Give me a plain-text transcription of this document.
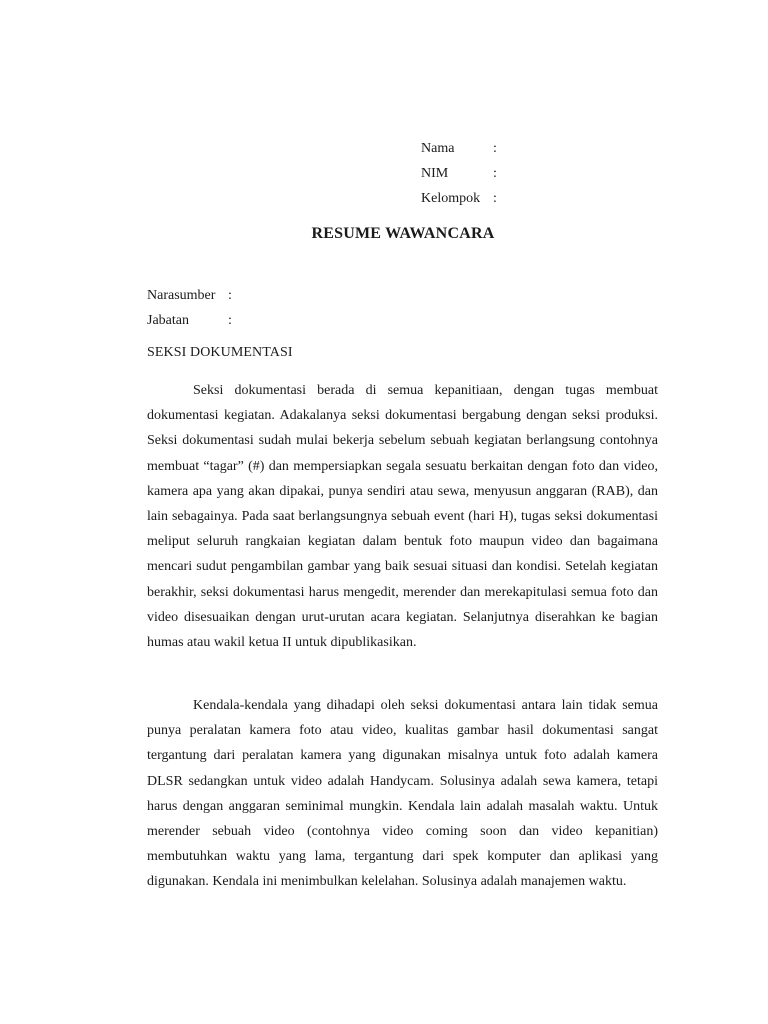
Nama	:
NIM	:
Kelompok :
RESUME WAWANCARA
Narasumber :
Jabatan	:
SEKSI DOKUMENTASI

Seksi dokumentasi berada di semua kepanitiaan, dengan tugas membuat dokumentasi kegiatan. Adakalanya seksi dokumentasi bergabung dengan seksi produksi. Seksi dokumentasi sudah mulai bekerja sebelum sebuah kegiatan berlangsung contohnya membuat “tagar” (#) dan mempersiapkan segala sesuatu berkaitan dengan foto dan video, kamera apa yang akan dipakai, punya sendiri atau sewa, menyusun anggaran (RAB), dan lain sebagainya. Pada saat berlangsungnya sebuah event (hari H), tugas seksi dokumentasi meliput seluruh rangkaian kegiatan dalam bentuk foto maupun video dan bagaimana mencari sudut pengambilan gambar yang baik sesuai situasi dan kondisi. Setelah kegiatan berakhir, seksi dokumentasi harus mengedit, merender dan merekapitulasi semua foto dan video disesuaikan dengan urut-urutan acara kegiatan. Selanjutnya diserahkan ke bagian humas atau wakil ketua II untuk dipublikasikan.

Kendala-kendala yang dihadapi oleh seksi dokumentasi antara lain tidak semua punya peralatan kamera foto atau video, kualitas gambar hasil dokumentasi sangat tergantung dari peralatan kamera yang digunakan misalnya untuk foto adalah kamera DLSR sedangkan untuk video adalah Handycam. Solusinya adalah sewa kamera, tetapi harus dengan anggaran seminimal mungkin. Kendala lain adalah masalah waktu. Untuk merender sebuah video (contohnya video coming soon dan video kepanitian) membutuhkan waktu yang lama, tergantung dari spek komputer dan aplikasi yang digunakan. Kendala ini menimbulkan kelelahan. Solusinya adalah manajemen waktu.
